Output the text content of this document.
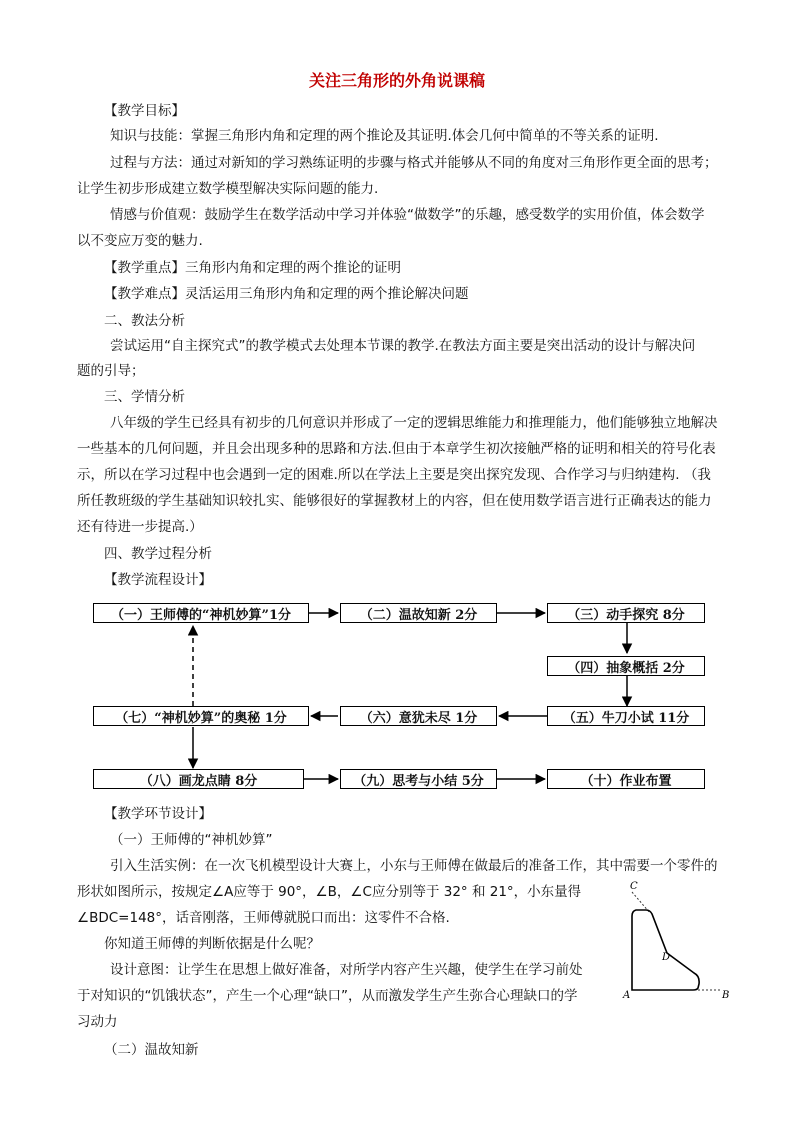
关注三角形的外角说课稿
【教学目标】
知识与技能：掌握三角形内角和定理的两个推论及其证明.体会几何中简单的不等关系的证明.
过程与方法：通过对新知的学习熟练证明的步骤与格式并能够从不同的角度对三角形作更全面的思考；
让学生初步形成建立数学模型解决实际问题的能力.
情感与价值观：鼓励学生在数学活动中学习并体验“做数学”的乐趣，感受数学的实用价值，体会数学
以不变应万变的魅力.
【教学重点】三角形内角和定理的两个推论的证明
【教学难点】灵活运用三角形内角和定理的两个推论解决问题
二、教法分析
尝试运用“自主探究式”的教学模式去处理本节课的教学.在教法方面主要是突出活动的设计与解决问
题的引导；
三、学情分析
八年级的学生已经具有初步的几何意识并形成了一定的逻辑思维能力和推理能力，他们能够独立地解决
一些基本的几何问题，并且会出现多种的思路和方法.但由于本章学生初次接触严格的证明和相关的符号化表
示，所以在学习过程中也会遇到一定的困难.所以在学法上主要是突出探究发现、合作学习与归纳建构. （我
所任教班级的学生基础知识较扎实、能够很好的掌握教材上的内容，但在使用数学语言进行正确表达的能力
还有待进一步提高.）
四、教学过程分析
【教学流程设计】
（一）王师傅的“神机妙算”1分	（二）温故知新 2分	（三）动手探究 8分
（四）抽象概括 2分
（七）“神机妙算”的奥秘 1分	（六）意犹未尽 1分	（五）牛刀小试 11分
（八）画龙点睛 8分	（九）思考与小结 5分	（十）作业布置
【教学环节设计】
（一）王师傅的“神机妙算”
引入生活实例：在一次飞机模型设计大赛上，小东与王师傅在做最后的准备工作，其中需要一个零件的
形状如图所示，按规定∠A应等于 90°，∠B，∠C应分别等于 32° 和 21°，小东量得
∠BDC=148°，话音刚落，王师傅就脱口而出：这零件不合格.
你知道王师傅的判断依据是什么呢？
设计意图：让学生在思想上做好准备，对所学内容产生兴趣，使学生在学习前处
于对知识的“饥饿状态”，产生一个心理“缺口”，从而激发学生产生弥合心理缺口的学
习动力
（二）温故知新
C
D
A	B
